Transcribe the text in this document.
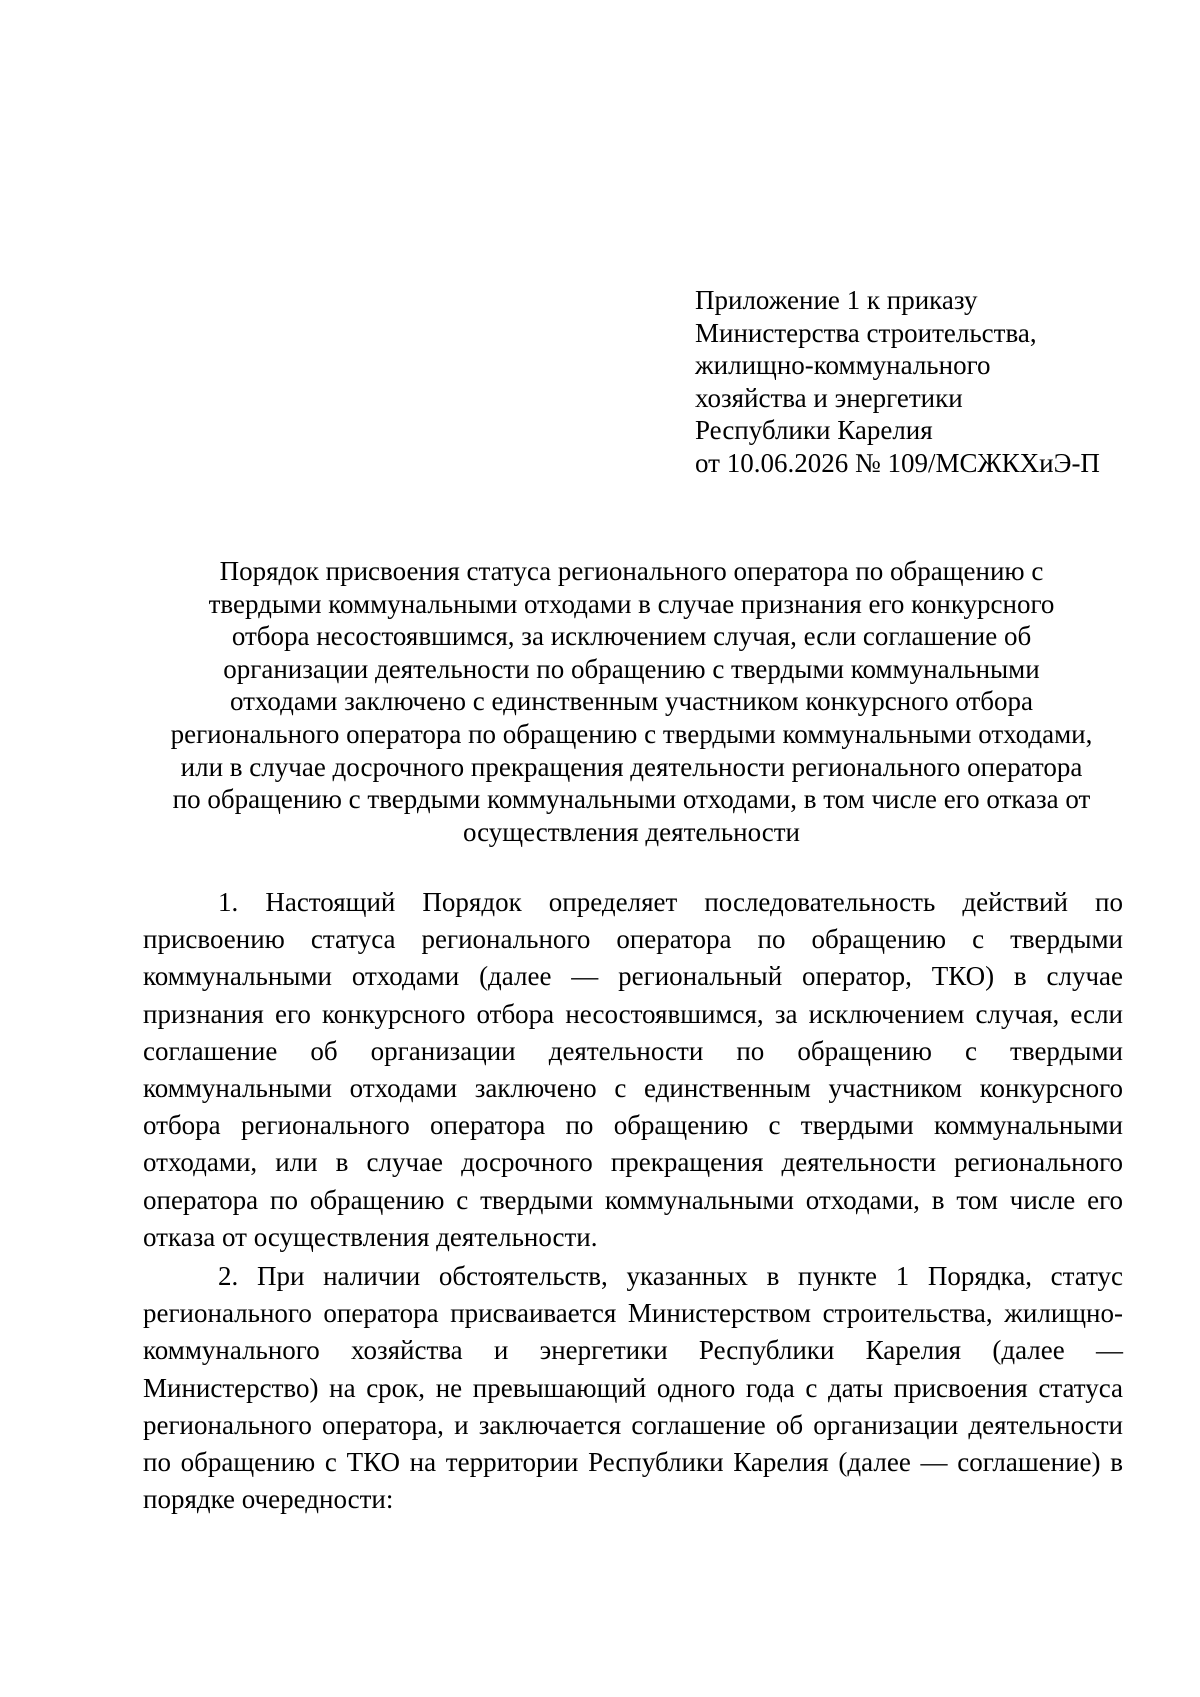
Приложение 1 к приказу
Министерства строительства,
жилищно-коммунального
хозяйства и энергетики
Республики Карелия
от 10.06.2026 № 109/МСЖКХиЭ-П
Порядок присвоения статуса регионального оператора по обращению с
твердыми коммунальными отходами в случае признания его конкурсного
отбора несостоявшимся, за исключением случая, если соглашение об
организации деятельности по обращению с твердыми коммунальными
отходами заключено с единственным участником конкурсного отбора
регионального оператора по обращению с твердыми коммунальными отходами,
или в случае досрочного прекращения деятельности регионального оператора
по обращению с твердыми коммунальными отходами, в том числе его отказа от
осуществления деятельности

1. Настоящий Порядок определяет последовательность действий по присвоению статуса регионального оператора по обращению с твердыми коммунальными отходами (далее — региональный оператор, ТКО) в случае признания его конкурсного отбора несостоявшимся, за исключением случая, если соглашение об организации деятельности по обращению с твердыми коммунальными отходами заключено с единственным участником конкурсного отбора регионального оператора по обращению с твердыми коммунальными отходами, или в случае досрочного прекращения деятельности регионального оператора по обращению с твердыми коммунальными отходами, в том числе его отказа от осуществления деятельности.

2. При наличии обстоятельств, указанных в пункте 1 Порядка, статус регионального оператора присваивается Министерством строительства, жилищно-коммунального хозяйства и энергетики Республики Карелия (далее — Министерство) на срок, не превышающий одного года с даты присвоения статуса регионального оператора, и заключается соглашение об организации деятельности по обращению с ТКО на территории Республики Карелия (далее — соглашение) в порядке очередности:
